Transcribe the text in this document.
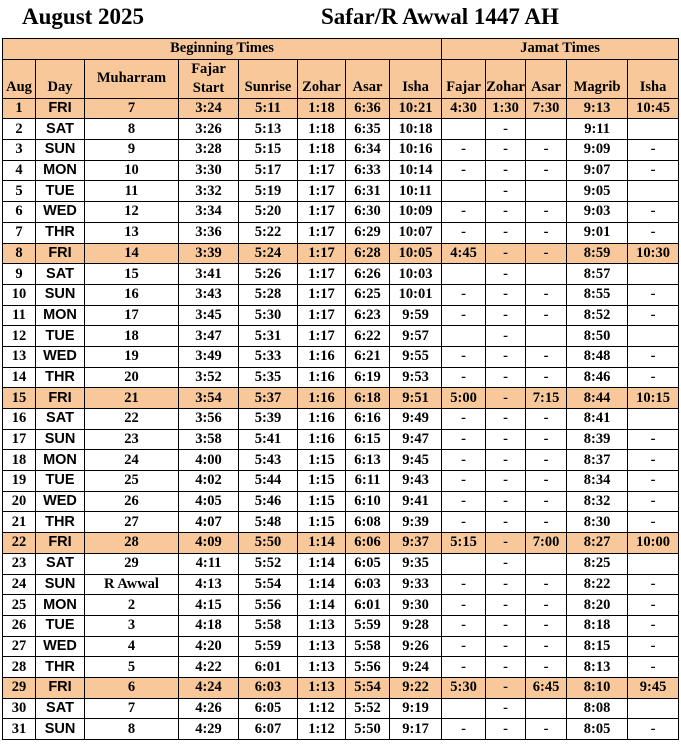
August 2025	Safar/R Awwal 1447 AH
Beginning Times								Jamat Times				
Aug	Day	Muharram	Fajar Start	Sunrise	Zohar	Asar	Isha	Fajar	Zohar	Asar	Magrib	Isha
1	FRI	7	3:24	5:11	1:18	6:36	10:21	4:30	1:30	7:30	9:13	10:45
2	SAT	8	3:26	5:13	1:18	6:35	10:18		-		9:11	
3	SUN	9	3:28	5:15	1:18	6:34	10:16	-	-	-	9:09	-
4	MON	10	3:30	5:17	1:17	6:33	10:14	-	-	-	9:07	-
5	TUE	11	3:32	5:19	1:17	6:31	10:11		-		9:05	
6	WED	12	3:34	5:20	1:17	6:30	10:09	-	-	-	9:03	-
7	THR	13	3:36	5:22	1:17	6:29	10:07	-	-	-	9:01	-
8	FRI	14	3:39	5:24	1:17	6:28	10:05	4:45	-	-	8:59	10:30
9	SAT	15	3:41	5:26	1:17	6:26	10:03		-		8:57	
10	SUN	16	3:43	5:28	1:17	6:25	10:01	-	-	-	8:55	-
11	MON	17	3:45	5:30	1:17	6:23	9:59	-	-	-	8:52	-
12	TUE	18	3:47	5:31	1:17	6:22	9:57		-		8:50	
13	WED	19	3:49	5:33	1:16	6:21	9:55	-	-	-	8:48	-
14	THR	20	3:52	5:35	1:16	6:19	9:53	-	-	-	8:46	-
15	FRI	21	3:54	5:37	1:16	6:18	9:51	5:00	-	7:15	8:44	10:15
16	SAT	22	3:56	5:39	1:16	6:16	9:49	-	-	-	8:41	
17	SUN	23	3:58	5:41	1:16	6:15	9:47	-	-	-	8:39	-
18	MON	24	4:00	5:43	1:15	6:13	9:45	-	-	-	8:37	-
19	TUE	25	4:02	5:44	1:15	6:11	9:43	-	-	-	8:34	-
20	WED	26	4:05	5:46	1:15	6:10	9:41	-	-	-	8:32	-
21	THR	27	4:07	5:48	1:15	6:08	9:39	-	-	-	8:30	-
22	FRI	28	4:09	5:50	1:14	6:06	9:37	5:15	-	7:00	8:27	10:00
23	SAT	29	4:11	5:52	1:14	6:05	9:35		-		8:25	
24	SUN	R Awwal	4:13	5:54	1:14	6:03	9:33	-	-	-	8:22	-
25	MON	2	4:15	5:56	1:14	6:01	9:30	-	-	-	8:20	-
26	TUE	3	4:18	5:58	1:13	5:59	9:28	-	-	-	8:18	-
27	WED	4	4:20	5:59	1:13	5:58	9:26	-	-	-	8:15	-
28	THR	5	4:22	6:01	1:13	5:56	9:24	-	-	-	8:13	-
29	FRI	6	4:24	6:03	1:13	5:54	9:22	5:30	-	6:45	8:10	9:45
30	SAT	7	4:26	6:05	1:12	5:52	9:19		-		8:08	
31	SUN	8	4:29	6:07	1:12	5:50	9:17	-	-	-	8:05	-
